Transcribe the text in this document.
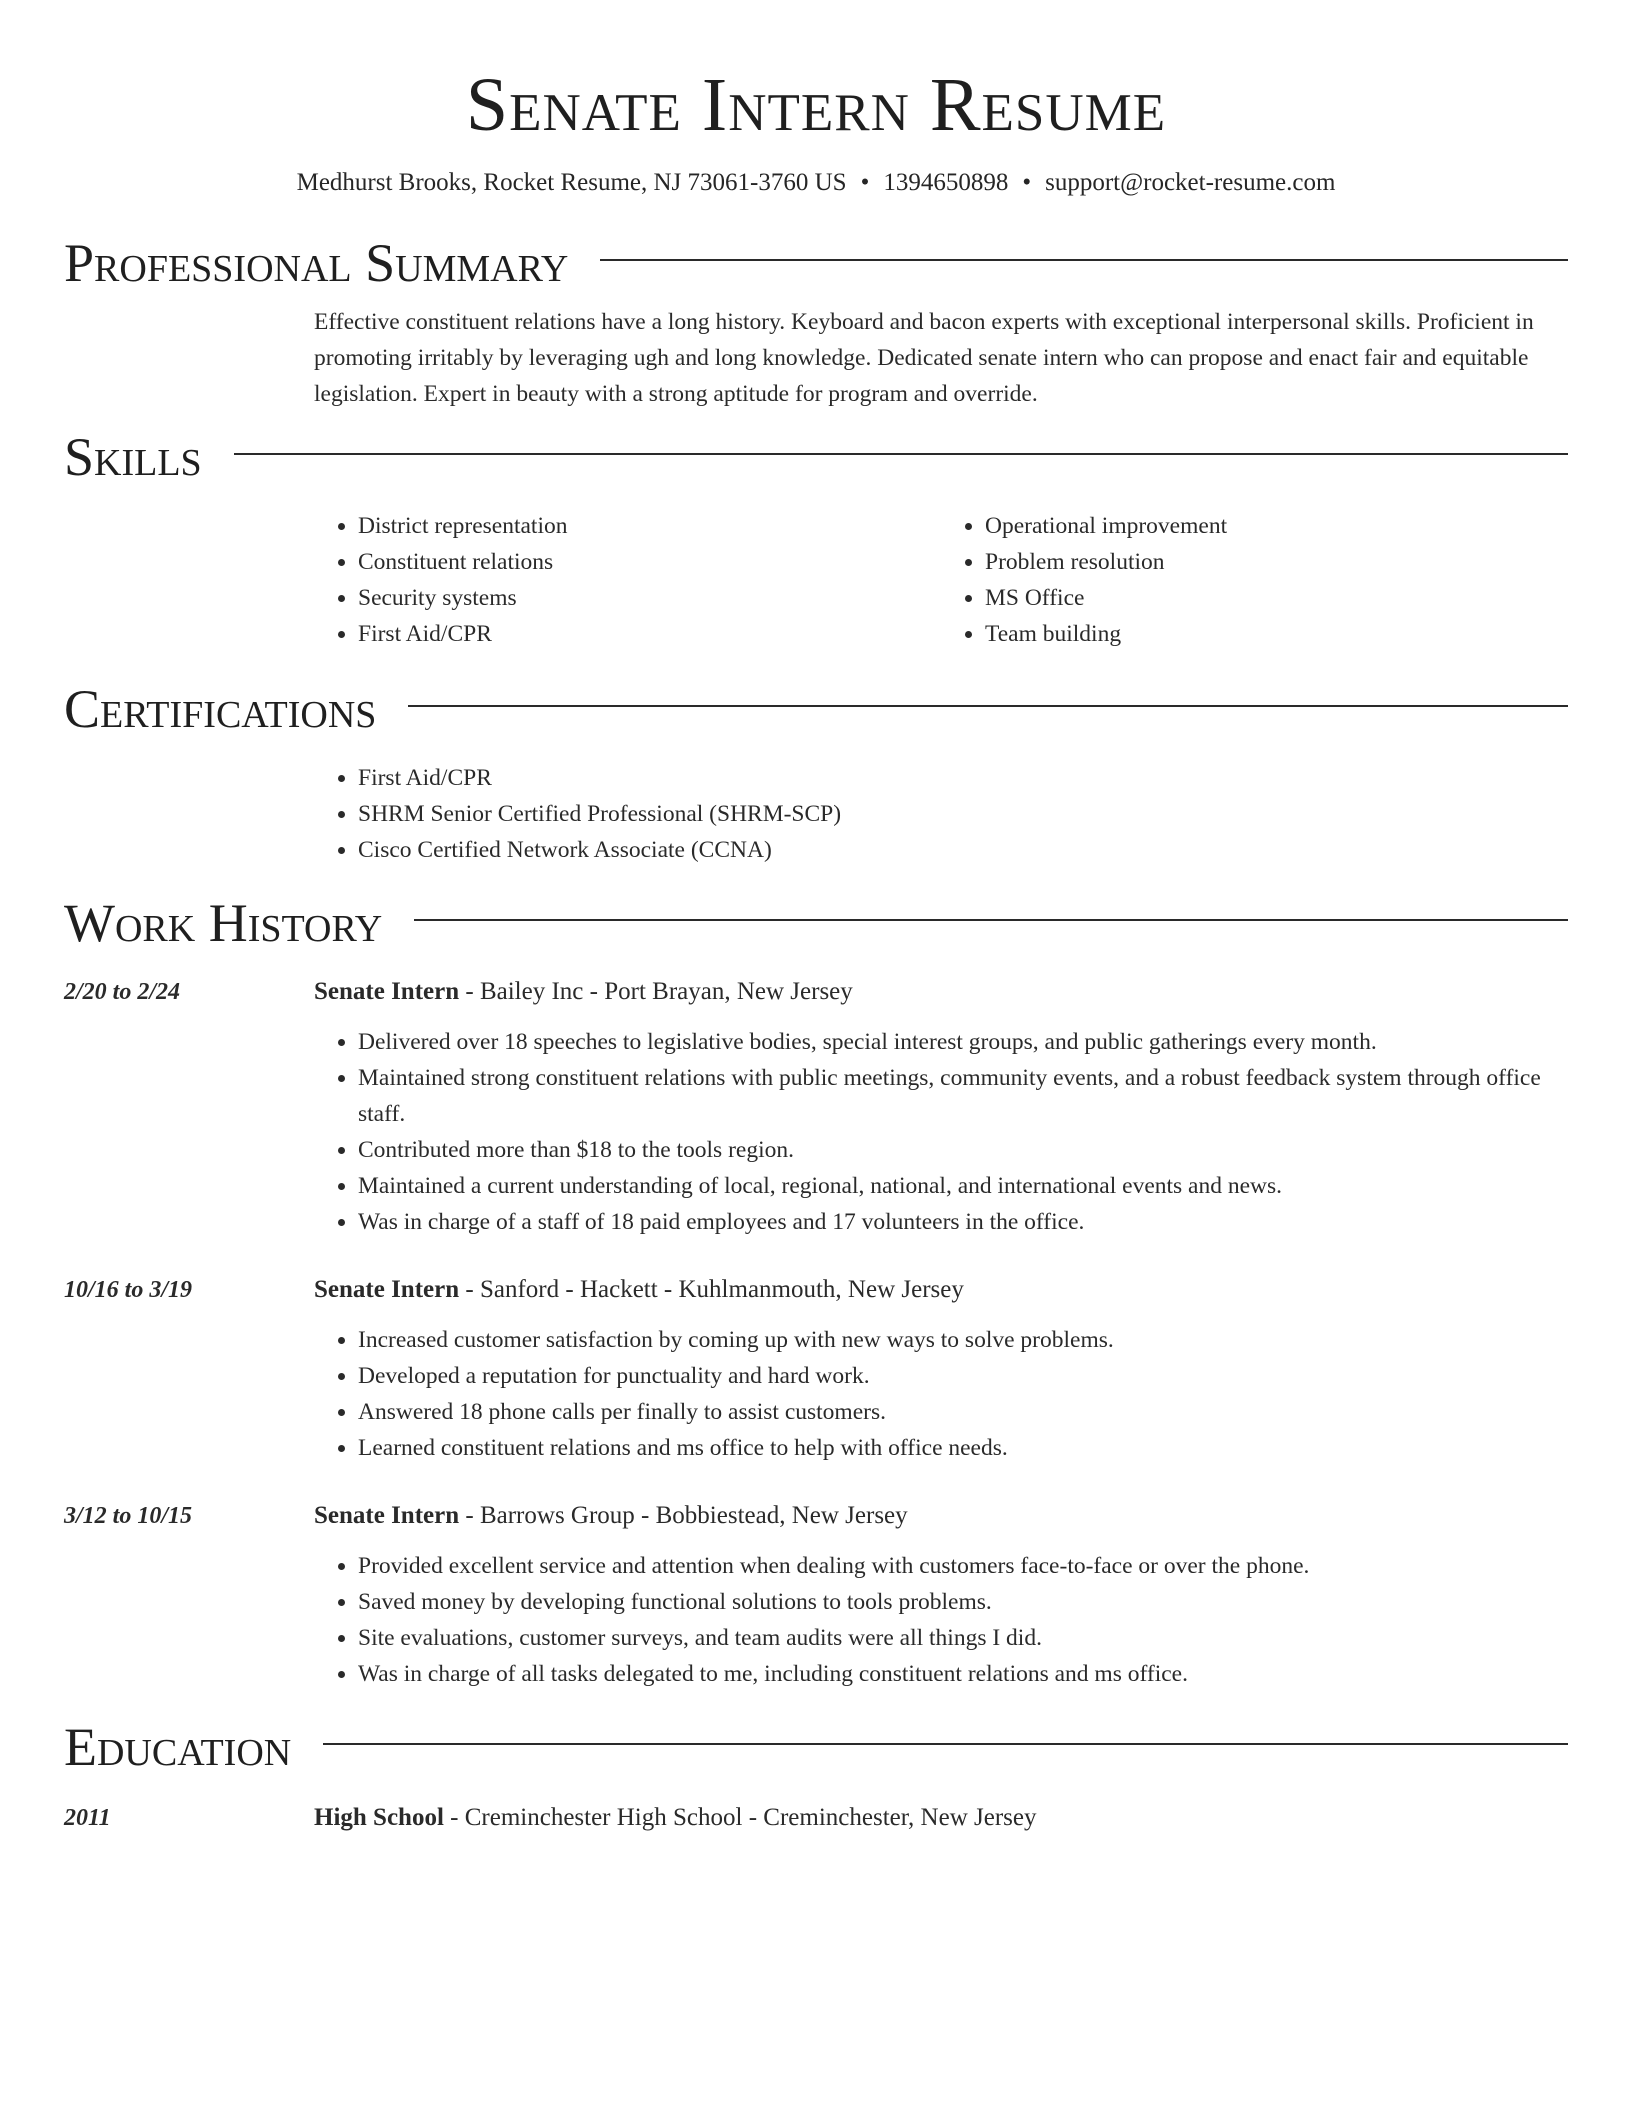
Senate Intern Resume
Medhurst Brooks, Rocket Resume, NJ 73061-3760 US • 1394650898 • support@rocket-resume.com
Professional Summary

Effective constituent relations have a long history. Keyboard and bacon experts with exceptional interpersonal skills. Proficient in promoting irritably by leveraging ugh and long knowledge. Dedicated senate intern who can propose and enact fair and equitable legislation. Expert in beauty with a strong aptitude for program and override.

Skills
• District representation
• Constituent relations
• Security systems
• First Aid/CPR
• Operational improvement
• Problem resolution
• MS Office
• Team building
Certifications
• First Aid/CPR
• SHRM Senior Certified Professional (SHRM-SCP)
• Cisco Certified Network Associate (CCNA)
Work History
2/20 to 2/24	Senate Intern - Bailey Inc - Port Brayan, New Jersey
• Delivered over 18 speeches to legislative bodies, special interest groups, and public gatherings every month.
• Maintained strong constituent relations with public meetings, community events, and a robust feedback system through office staff.
• Contributed more than $18 to the tools region.
• Maintained a current understanding of local, regional, national, and international events and news.
• Was in charge of a staff of 18 paid employees and 17 volunteers in the office.
10/16 to 3/19	Senate Intern - Sanford - Hackett - Kuhlmanmouth, New Jersey
• Increased customer satisfaction by coming up with new ways to solve problems.
• Developed a reputation for punctuality and hard work.
• Answered 18 phone calls per finally to assist customers.
• Learned constituent relations and ms office to help with office needs.
3/12 to 10/15	Senate Intern - Barrows Group - Bobbiestead, New Jersey
• Provided excellent service and attention when dealing with customers face-to-face or over the phone.
• Saved money by developing functional solutions to tools problems.
• Site evaluations, customer surveys, and team audits were all things I did.
• Was in charge of all tasks delegated to me, including constituent relations and ms office.
Education
2011	High School - Creminchester High School - Creminchester, New Jersey
